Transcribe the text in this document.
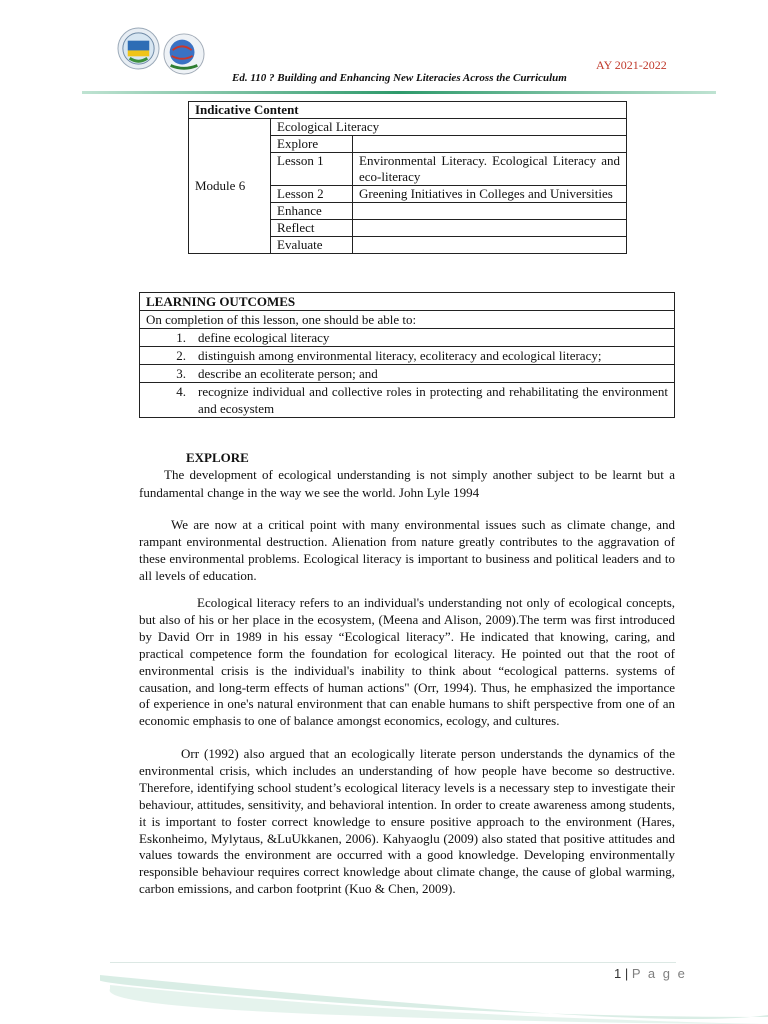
AY 2021-2022
Ed. 110 ? Building and Enhancing New Literacies Across the Curriculum
Indicative Content		
Module 6	Ecological Literacy	
	Explore	
	Lesson 1	Environmental Literacy. Ecological Literacy and eco-literacy
	Lesson 2	Greening Initiatives in Colleges and Universities
	Enhance	
	Reflect	
	Evaluate	
LEARNING OUTCOMES
On completion of this lesson, one should be able to:

1. define ecological literacy

2. distinguish among environmental literacy, ecoliteracy and ecological literacy;

3. describe an ecoliterate person; and

4. recognize individual and collective roles in protecting and rehabilitating the environment and ecosystem
EXPLORE
The development of ecological understanding is not simply another subject to be learnt but a fundamental change in the way we see the world. John Lyle 1994
We are now at a critical point with many environmental issues such as climate change, and rampant environmental destruction. Alienation from nature greatly contributes to the aggravation of these environmental problems. Ecological literacy is important to business and political leaders and to all levels of education.
Ecological literacy refers to an individual's understanding not only of ecological concepts, but also of his or her place in the ecosystem, (Meena and Alison, 2009).The term was first introduced by David Orr in 1989 in his essay “Ecological literacy”. He indicated that knowing, caring, and practical competence form the foundation for ecological literacy. He pointed out that the root of environmental crisis is the individual's inability to think about “ecological patterns. systems of causation, and long-term effects of human actions" (Orr, 1994). Thus, he emphasized the importance of experience in one's natural environment that can enable humans to shift perspective from one of an economic emphasis to one of balance amongst economics, ecology, and cultures.
Orr (1992) also argued that an ecologically literate person understands the dynamics of the environmental crisis, which includes an understanding of how people have become so destructive. Therefore, identifying school student’s ecological literacy levels is a necessary step to investigate their behaviour, attitudes, sensitivity, and behavioral intention. In order to create awareness among students, it is important to foster correct knowledge to ensure positive approach to the environment (Hares, Eskonheimo, Mylytaus, &LuUkkanen, 2006). Kahyaoglu (2009) also stated that positive attitudes and values towards the environment are occurred with a good knowledge. Developing environmentally responsible behaviour requires correct knowledge about climate change, the cause of global warming, carbon emissions, and carbon footprint (Kuo & Chen, 2009).
1 | P a g e
